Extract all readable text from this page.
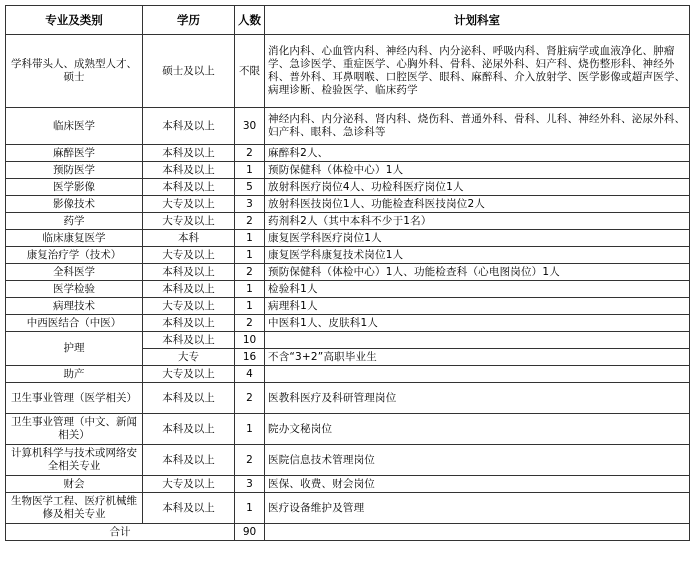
专业及类别	学历	人数	计划科室
学科带头人、成熟型人才、硕士	硕士及以上	不限	消化内科、心血管内科、神经内科、内分泌科、呼吸内科、肾脏病学或血液净化、肿瘤学、急诊医学、重症医学、心胸外科、骨科、泌尿外科、妇产科、烧伤整形科、神经外科、普外科、耳鼻咽喉、口腔医学、眼科、麻醉科、介入放射学、医学影像或超声医学、病理诊断、检验医学、临床药学
临床医学	本科及以上	30	神经内科、内分泌科、肾内科、烧伤科、普通外科、骨科、儿科、神经外科、泌尿外科、妇产科、眼科、急诊科等
麻醉医学	本科及以上	2	麻醉科2人、
预防医学	本科及以上	1	预防保健科（体检中心）1人
医学影像	本科及以上	5	放射科医疗岗位4人、功检科医疗岗位1人
影像技术	大专及以上	3	放射科医技岗位1人、功能检查科医技岗位2人
药学	大专及以上	2	药剂科2人（其中本科不少于1名）
临床康复医学	本科	1	康复医学科医疗岗位1人
康复治疗学（技术）	大专及以上	1	康复医学科康复技术岗位1人
全科医学	本科及以上	2	预防保健科（体检中心）1人、功能检查科（心电图岗位）1人
医学检验	本科及以上	1	检验科1人
病理技术	大专及以上	1	病理科1人
中西医结合（中医）	本科及以上	2	中医科1人、皮肤科1人
护理	本科及以上	10	
	大专	16	不含“3+2”高职毕业生
助产	大专及以上	4	
卫生事业管理（医学相关）	本科及以上	2	医教科医疗及科研管理岗位
卫生事业管理（中文、新闻相关）	本科及以上	1	院办文秘岗位
计算机科学与技术或网络安全相关专业	本科及以上	2	医院信息技术管理岗位
财会	大专及以上	3	医保、收费、财会岗位
生物医学工程、医疗机械维修及相关专业	本科及以上	1	医疗设备维护及管理
合计		90	
